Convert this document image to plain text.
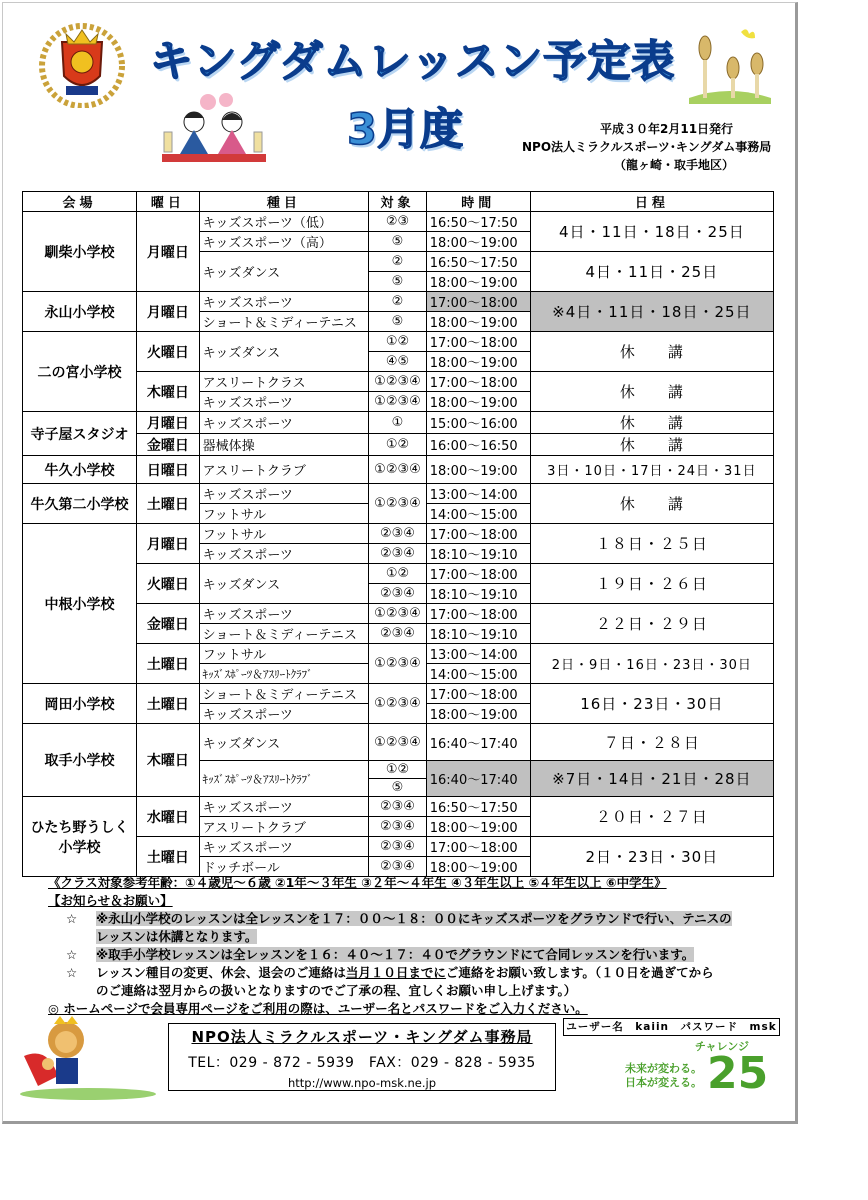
キングダムレッスン予定表
3月度	平成３０年2月11日発行
NPO法人ミラクルスポーツ･キングダム事務局
（龍ヶ崎・取手地区）
会場	曜日	種目	対象	時間	日程
馴柴小学校	月曜日	キッズスポーツ（低）	②③	16:50～17:50	4日・11日・18日・25日
		キッズスポーツ（高）	⑤	18:00～19:00	
		キッズダンス	②	16:50～17:50	4日・11日・25日
			⑤	18:00～19:00	
永山小学校	月曜日	キッズスポーツ	②	17:00～18:00	※4日・11日・18日・25日
		ショート＆ミディーテニス	⑤	18:00～19:00	
二の宮小学校	火曜日	キッズダンス	①②	17:00～18:00	休　　講
			④⑤	18:00～19:00	
	木曜日	アスリートクラス	①②③④	17:00～18:00	休　　講
		キッズスポーツ	①②③④	18:00～19:00	
寺子屋スタジオ	月曜日	キッズスポーツ	①	15:00～16:00	休　　講
	金曜日	器械体操	①②	16:00～16:50	休　　講
牛久小学校	日曜日	アスリートクラブ	①②③④	18:00～19:00	3日・10日・17日・24日・31日
牛久第二小学校	土曜日	キッズスポーツ	①②③④	13:00～14:00	休　　講
		フットサル		14:00～15:00	
中根小学校	月曜日	フットサル	②③④	17:00～18:00	１８日・２５日
		キッズスポーツ	②③④	18:10～19:10	
	火曜日	キッズダンス	①②	17:00～18:00	１９日・２６日
			②③④	18:10～19:10	
	金曜日	キッズスポーツ	①②③④	17:00～18:00	２２日・２９日
		ショート＆ミディーテニス	②③④	18:10～19:10	
	土曜日	フットサル	①②③④	13:00～14:00	2日・9日・16日・23日・30日
		ｷｯｽﾞｽﾎﾟｰﾂ＆ｱｽﾘｰﾄｸﾗﾌﾞ		14:00～15:00	
岡田小学校	土曜日	ショート＆ミディーテニス	①②③④	17:00～18:00	16日・23日・30日
		キッズスポーツ		18:00～19:00	
取手小学校	木曜日	キッズダンス	①②③④	16:40～17:40	７日・２８日
		ｷｯｽﾞｽﾎﾟｰﾂ＆ｱｽﾘｰﾄｸﾗﾌﾞ	①②	16:40～17:40	※7日・14日・21日・28日
			⑤		

ひたち野うしく
小学校	水曜日	キッズスポーツ	②③④	16:50～17:50	２０日・２７日
		アスリートクラブ	②③④	18:00～19:00	
	土曜日	キッズスポーツ	②③④	17:00～18:00	2日・23日・30日
		ドッチボール	②③④	18:00～19:00	
《クラス対象参考年齢：①４歳児～６歳 ②1年～３年生 ③２年～４年生 ④３年生以上 ⑤４年生以上 ⑥中学生》
【お知らせ＆お願い】
☆ ※永山小学校のレッスンは全レッスンを１７：００～１８：００にキッズスポーツをグラウンドで行い、テニスの
レッスンは休講となります。
☆ ※取手小学校レッスンは全レッスンを１６：４０～１７：４０でグラウンドにて合同レッスンを行います。
☆ レッスン種目の変更、休会、退会のご連絡は当月１０日までにご連絡をお願い致します。（１０日を過ぎてから
のご連絡は翌月からの扱いとなりますのでご了承の程、宜しくお願い申し上げます。）
◎ ホームページで会員専用ページをご利用の際は、ユーザー名とパスワードをご入力ください。
ユーザー名　kaiin　パスワード　msk
NPO法人ミラクルスポーツ・キングダム事務局
TEL：029 - 872 - 5939　FAX：029 - 828 - 5935
http://www.npo-msk.ne.jp
チャレンジ
未来が変わる。
日本が変える。 25
